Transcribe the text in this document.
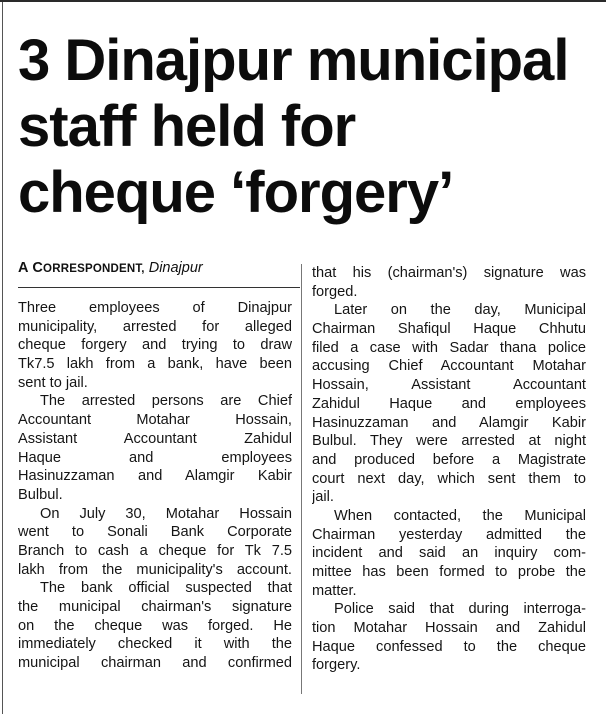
3 Dinajpur municipal
staff held for
cheque ‘forgery’
A CORRESPONDENT, Dinajpur
Three employees of Dinajpur
municipality, arrested for alleged
cheque forgery and trying to draw
Tk7.5 lakh from a bank, have been
sent to jail.
The arrested persons are Chief
Accountant Motahar Hossain,
Assistant Accountant Zahidul
Haque and employees
Hasinuzzaman and Alamgir Kabir
Bulbul.
On July 30, Motahar Hossain
went to Sonali Bank Corporate
Branch to cash a cheque for Tk 7.5
lakh from the municipality's account.
The bank official suspected that
the municipal chairman's signature
on the cheque was forged. He
immediately checked it with the
municipal chairman and confirmed
that his (chairman's) signature was
forged.
Later on the day, Municipal
Chairman Shafiqul Haque Chhutu
filed a case with Sadar thana police
accusing Chief Accountant Motahar
Hossain, Assistant Accountant
Zahidul Haque and employees
Hasinuzzaman and Alamgir Kabir
Bulbul. They were arrested at night
and produced before a Magistrate
court next day, which sent them to
jail.
When contacted, the Municipal
Chairman yesterday admitted the
incident and said an inquiry com-
mittee has been formed to probe the
matter.
Police said that during interroga-
tion Motahar Hossain and Zahidul
Haque confessed to the cheque
forgery.
